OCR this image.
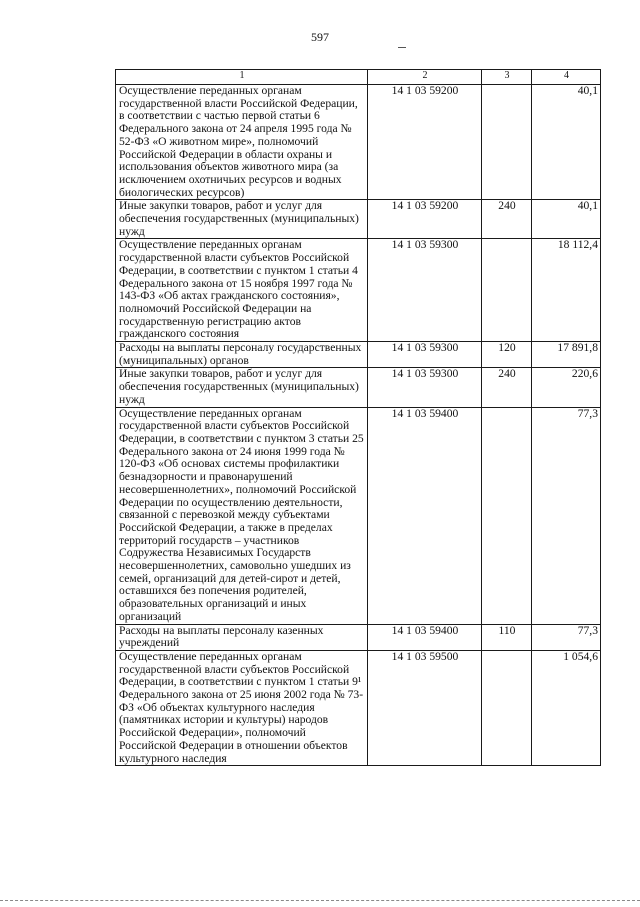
597
1	2	3	4
Осуществление переданных органам государственной власти Российской Федерации, в соответствии с частью первой статьи 6 Федерального закона от 24 апреля 1995 года № 52-ФЗ «О животном мире», полномочий Российской Федерации в области охраны и использования объектов животного мира (за исключением охотничьих ресурсов и водных биологических ресурсов)	14 1 03 59200		40,1
Иные закупки товаров, работ и услуг для обеспечения государственных (муниципальных) нужд	14 1 03 59200	240	40,1
Осуществление переданных органам государственной власти субъектов Российской Федерации, в соответствии с пунктом 1 статьи 4 Федерального закона от 15 ноября 1997 года № 143-ФЗ «Об актах гражданского состояния», полномочий Российской Федерации на государственную регистрацию актов гражданского состояния	14 1 03 59300		18 112,4
Расходы на выплаты персоналу государственных (муниципальных) органов	14 1 03 59300	120	17 891,8
Иные закупки товаров, работ и услуг для обеспечения государственных (муниципальных) нужд	14 1 03 59300	240	220,6
Осуществление переданных органам государственной власти субъектов Российской Федерации, в соответствии с пунктом 3 статьи 25 Федерального закона от 24 июня 1999 года № 120-ФЗ «Об основах системы профилактики безнадзорности и правонарушений несовершеннолетних», полномочий Российской Федерации по осуществлению деятельности, связанной с перевозкой между субъектами Российской Федерации, а также в пределах территорий государств – участников Содружества Независимых Государств несовершеннолетних, самовольно ушедших из семей, организаций для детей-сирот и детей, оставшихся без попечения родителей, образовательных организаций и иных организаций	14 1 03 59400		77,3
Расходы на выплаты персоналу казенных учреждений	14 1 03 59400	110	77,3
Осуществление переданных органам государственной власти субъектов Российской Федерации, в соответствии с пунктом 1 статьи 9¹ Федерального закона от 25 июня 2002 года № 73-ФЗ «Об объектах культурного наследия (памятниках истории и культуры) народов Российской Федерации», полномочий Российской Федерации в отношении объектов культурного наследия	14 1 03 59500		1 054,6
